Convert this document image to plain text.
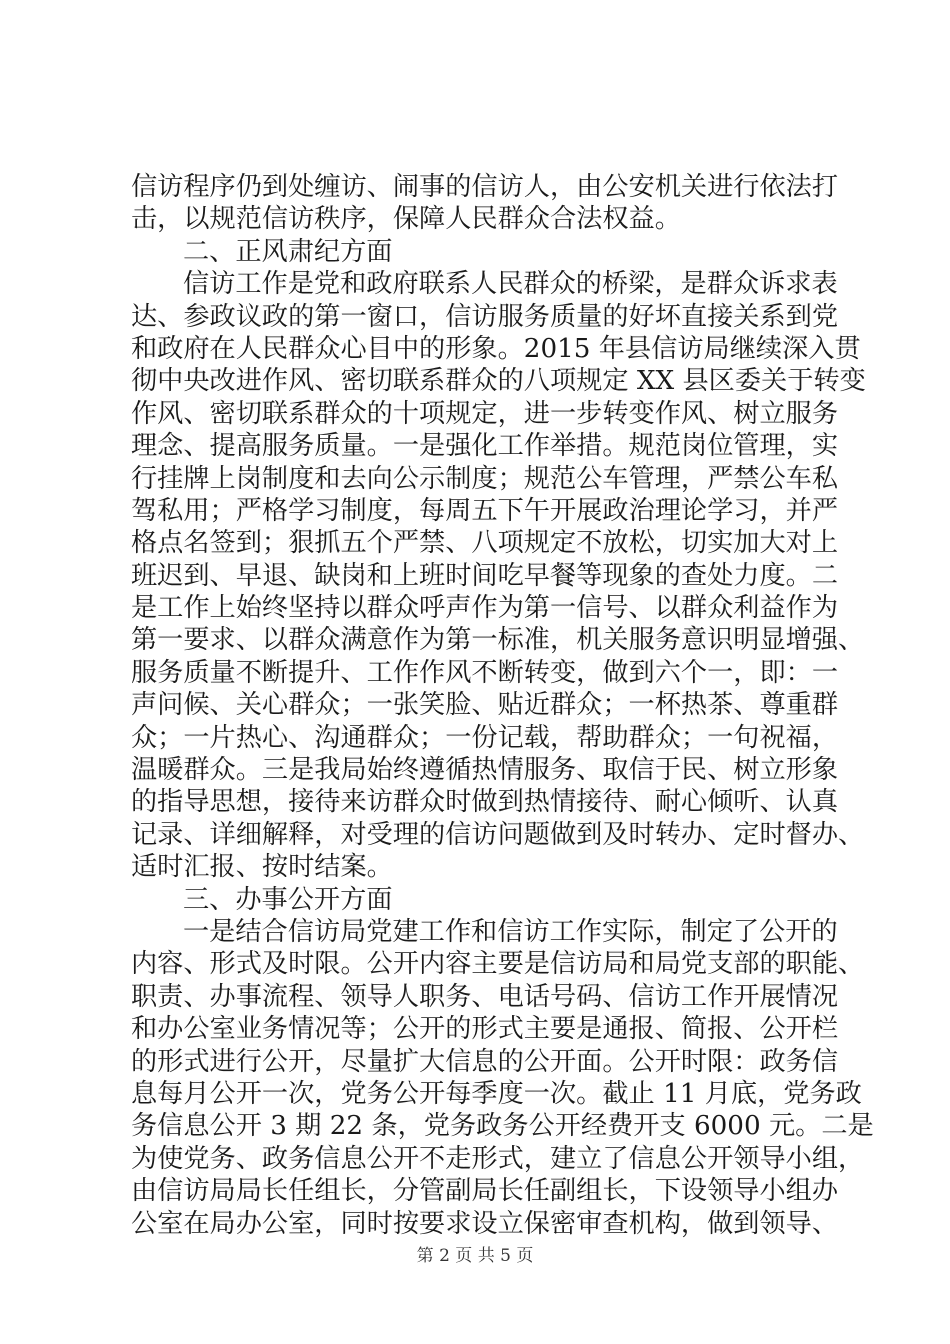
信访程序仍到处缠访、闹事的信访人，由公安机关进行依法打
击，以规范信访秩序，保障人民群众合法权益。
二、正风肃纪方面
信访工作是党和政府联系人民群众的桥梁，是群众诉求表
达、参政议政的第一窗口，信访服务质量的好坏直接关系到党
和政府在人民群众心目中的形象。2015 年县信访局继续深入贯
彻中央改进作风、密切联系群众的八项规定 XX 县区委关于转变
作风、密切联系群众的十项规定，进一步转变作风、树立服务
理念、提高服务质量。一是强化工作举措。规范岗位管理，实
行挂牌上岗制度和去向公示制度；规范公车管理，严禁公车私
驾私用；严格学习制度，每周五下午开展政治理论学习，并严
格点名签到；狠抓五个严禁、八项规定不放松，切实加大对上
班迟到、早退、缺岗和上班时间吃早餐等现象的查处力度。二
是工作上始终坚持以群众呼声作为第一信号、以群众利益作为
第一要求、以群众满意作为第一标准，机关服务意识明显增强、
服务质量不断提升、工作作风不断转变，做到六个一，即：一
声问候、关心群众；一张笑脸、贴近群众；一杯热茶、尊重群
众；一片热心、沟通群众；一份记载，帮助群众；一句祝福，
温暖群众。三是我局始终遵循热情服务、取信于民、树立形象
的指导思想，接待来访群众时做到热情接待、耐心倾听、认真
记录、详细解释，对受理的信访问题做到及时转办、定时督办、
适时汇报、按时结案。
三、办事公开方面
一是结合信访局党建工作和信访工作实际，制定了公开的
内容、形式及时限。公开内容主要是信访局和局党支部的职能、
职责、办事流程、领导人职务、电话号码、信访工作开展情况
和办公室业务情况等；公开的形式主要是通报、简报、公开栏
的形式进行公开，尽量扩大信息的公开面。公开时限：政务信
息每月公开一次，党务公开每季度一次。截止 11 月底，党务政
务信息公开 3 期 22 条，党务政务公开经费开支 6000 元。二是
为使党务、政务信息公开不走形式，建立了信息公开领导小组，
由信访局局长任组长，分管副局长任副组长，下设领导小组办
公室在局办公室，同时按要求设立保密审查机构，做到领导、
第 2 页 共 5 页
